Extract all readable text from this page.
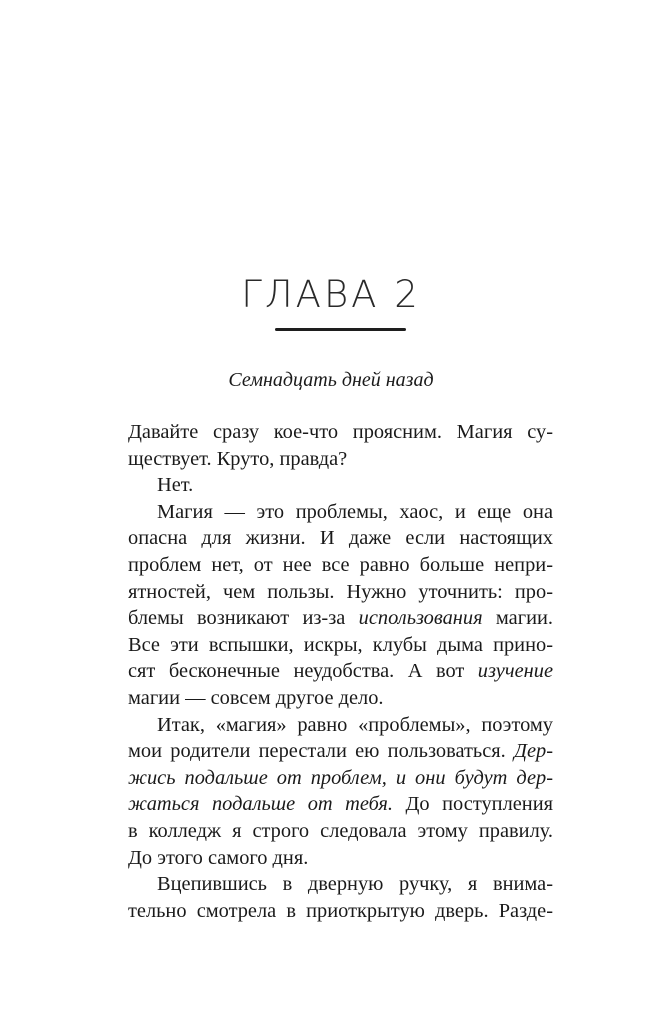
ГЛАВА 2
Семнадцать дней назад
Давайте сразу кое-что проясним. Магия су-
ществует. Круто, правда?
Нет.
Магия — это проблемы, хаос, и еще она
опасна для жизни. И даже если настоящих
проблем нет, от нее все равно больше непри-
ятностей, чем пользы. Нужно уточнить: про-
блемы возникают из-за использования магии.
Все эти вспышки, искры, клубы дыма прино-
сят бесконечные неудобства. А вот изучение
магии — совсем другое дело.
Итак, «магия» равно «проблемы», поэтому
мои родители перестали ею пользоваться. Дер-
жись подальше от проблем, и они будут дер-
жаться подальше от тебя. До поступления
в колледж я строго следовала этому правилу.
До этого самого дня.
Вцепившись в дверную ручку, я внима-
тельно смотрела в приоткрытую дверь. Разде-
